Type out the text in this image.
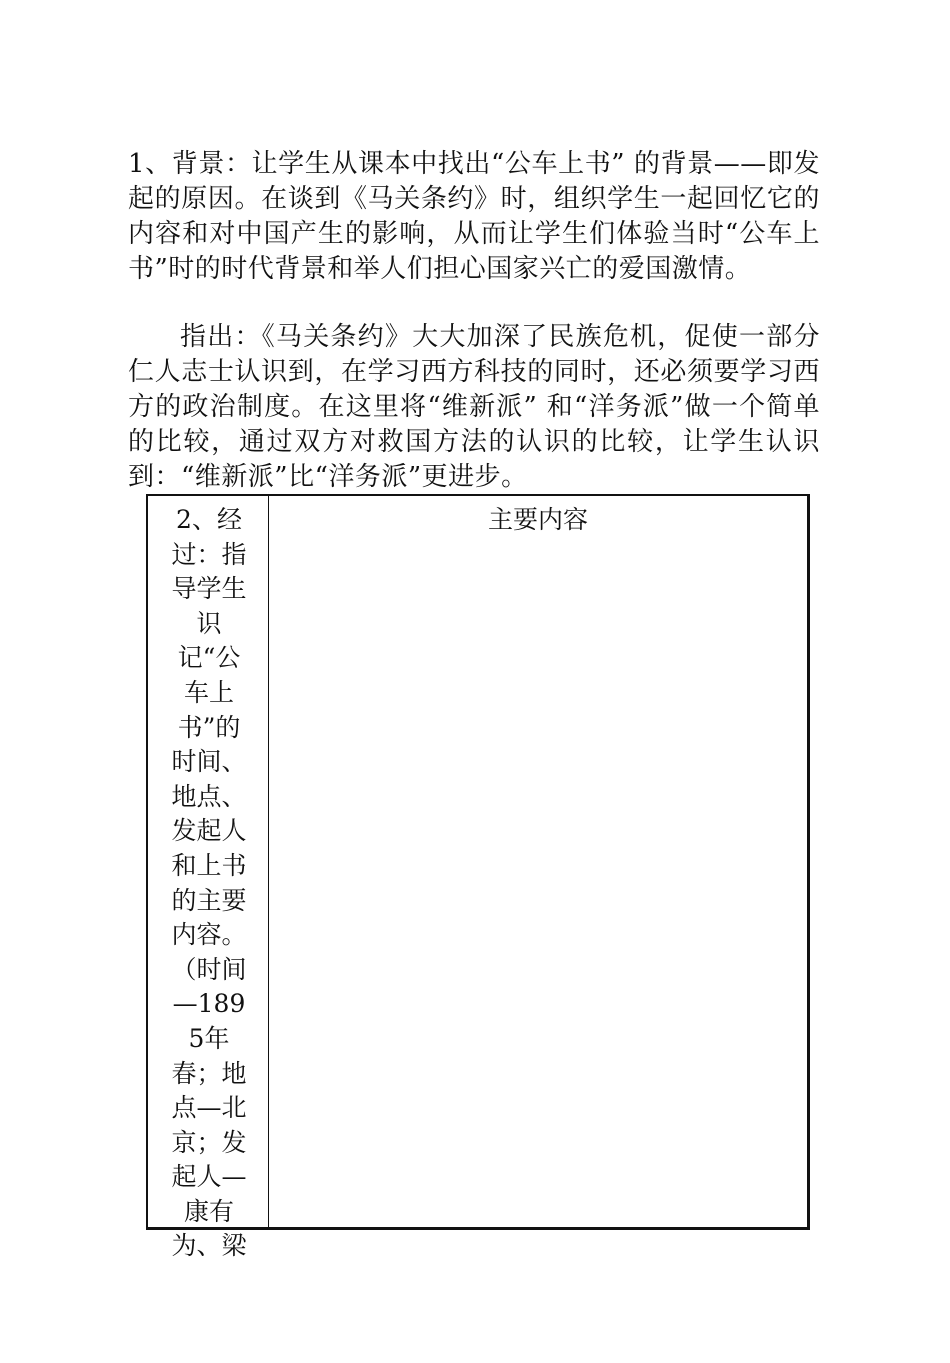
1、背景：让学生从课本中找出“公车上书” 的背景——即发起的原因。在谈到《马关条约》时，组织学生一起回忆它的内容和对中国产生的影响，从而让学生们体验当时“公车上书”时的时代背景和举人们担心国家兴亡的爱国激情。

指出：《马关条约》大大加深了民族危机，促使一部分仁人志士认识到，在学习西方科技的同时，还必须要学习西方的政治制度。在这里将“维新派” 和“洋务派”做一个简单的比较，通过双方对救国方法的认识的比较，让学生认识到：“维新派”比“洋务派”更进步。

2、经过：指导学生识记“公车上书”的时间、地点、发起人和上书的主要内容。（时间—1895年春；地点—北京；发起人—康有为、梁
主要内容
